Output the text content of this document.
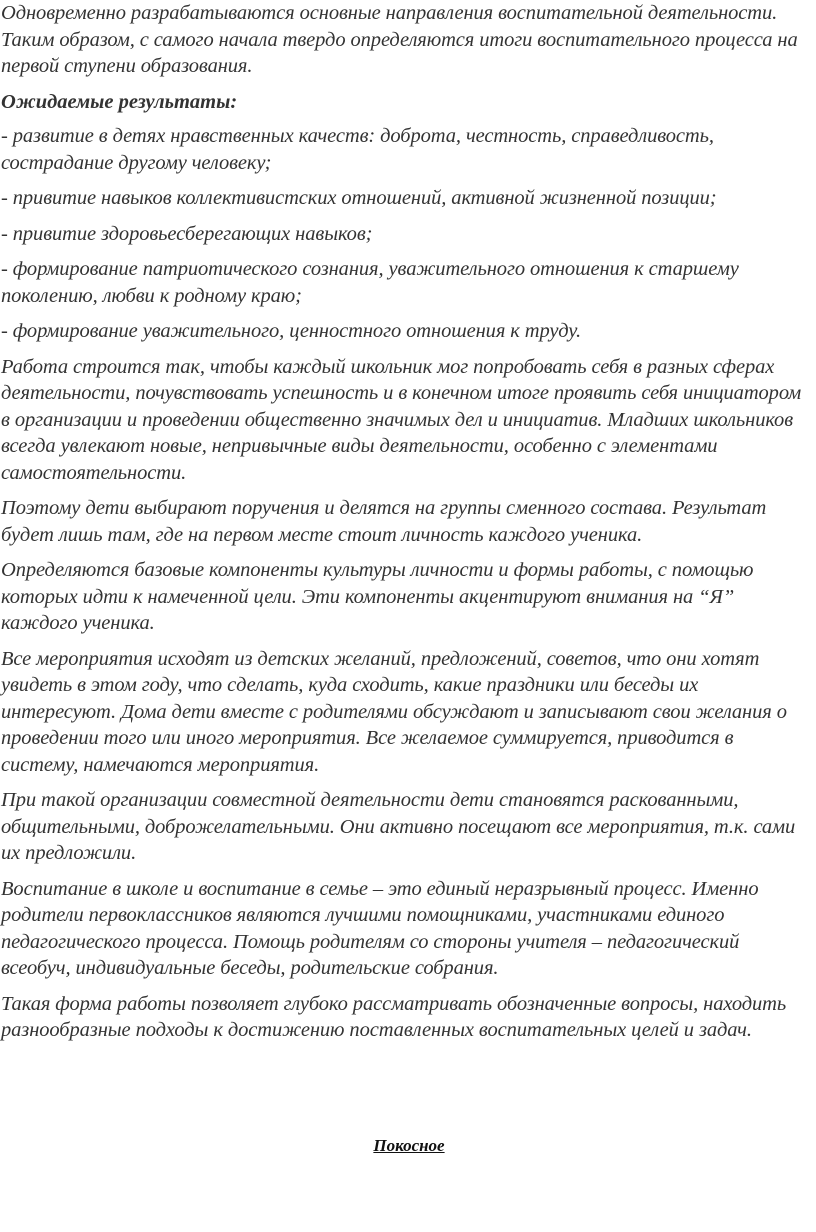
Одновременно разрабатываются основные направления воспитательной деятельности. Таким образом, с самого начала твердо определяются итоги воспитательного процесса на первой ступени образования.

Ожидаемые результаты:

- развитие в детях нравственных качеств: доброта, честность, справедливость, сострадание другому человеку;

- привитие навыков коллективистских отношений, активной жизненной позиции;

- привитие здоровьесберегающих навыков;

- формирование патриотического сознания, уважительного отношения к старшему поколению, любви к родному краю;

- формирование уважительного, ценностного отношения к труду.

Работа строится так, чтобы каждый школьник мог попробовать себя в разных сферах деятельности, почувствовать успешность и в конечном итоге проявить себя инициатором в организации и проведении общественно значимых дел и инициатив. Младших школьников всегда увлекают новые, непривычные виды деятельности, особенно с элементами самостоятельности.

Поэтому дети выбирают поручения и делятся на группы сменного состава. Результат будет лишь там, где на первом месте стоит личность каждого ученика.

Определяются базовые компоненты культуры личности и формы работы, с помощью которых идти к намеченной цели. Эти компоненты акцентируют внимания на “Я” каждого ученика.

Все мероприятия исходят из детских желаний, предложений, советов, что они хотят увидеть в этом году, что сделать, куда сходить, какие праздники или беседы их интересуют. Дома дети вместе с родителями обсуждают и записывают свои желания о проведении того или иного мероприятия. Все желаемое суммируется, приводится в систему, намечаются мероприятия.

При такой организации совместной деятельности дети становятся раскованными, общительными, доброжелательными. Они активно посещают все мероприятия, т.к. сами их предложили.

Воспитание в школе и воспитание в семье – это единый неразрывный процесс. Именно родители первоклассников являются лучшими помощниками, участниками единого педагогического процесса. Помощь родителям со стороны учителя – педагогический всеобуч, индивидуальные беседы, родительские собрания.

Такая форма работы позволяет глубоко рассматривать обозначенные вопросы, находить разнообразные подходы к достижению поставленных воспитательных целей и задач.

Покосное
